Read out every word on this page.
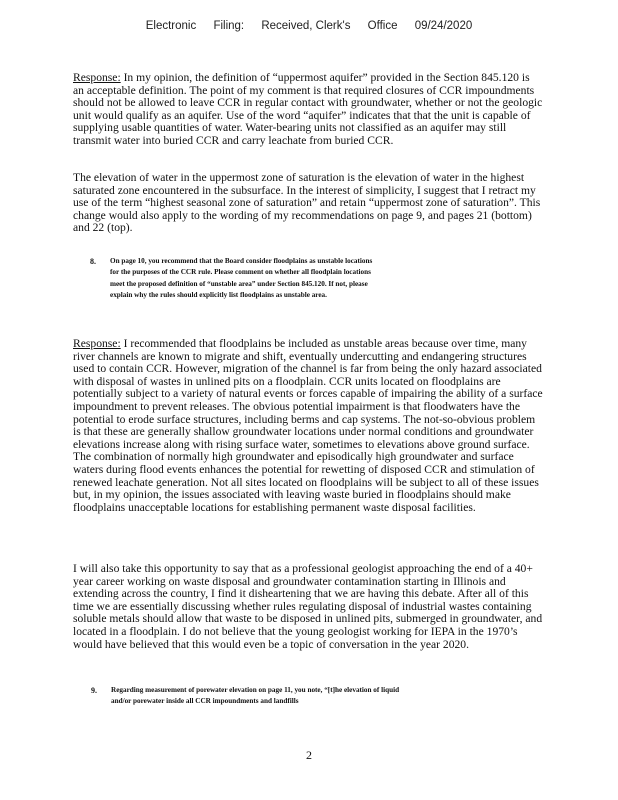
Electronic Filing: Received, Clerk's Office 09/24/2020

Response: In my opinion, the definition of “uppermost aquifer” provided in the Section 845.120 is an acceptable definition. The point of my comment is that required closures of CCR impoundments should not be allowed to leave CCR in regular contact with groundwater, whether or not the geologic unit would qualify as an aquifer. Use of the word “aquifer” indicates that that the unit is capable of supplying usable quantities of water. Water-bearing units not classified as an aquifer may still transmit water into buried CCR and carry leachate from buried CCR.

The elevation of water in the uppermost zone of saturation is the elevation of water in the highest saturated zone encountered in the subsurface. In the interest of simplicity, I suggest that I retract my use of the term “highest seasonal zone of saturation” and retain “uppermost zone of saturation”. This change would also apply to the wording of my recommendations on page 9, and pages 21 (bottom) and 22 (top).

8. On page 10, you recommend that the Board consider floodplains as unstable locations for the purposes of the CCR rule. Please comment on whether all floodplain locations meet the proposed definition of “unstable area” under Section 845.120. If not, please explain why the rules should explicitly list floodplains as unstable area.

Response: I recommended that floodplains be included as unstable areas because over time, many river channels are known to migrate and shift, eventually undercutting and endangering structures used to contain CCR. However, migration of the channel is far from being the only hazard associated with disposal of wastes in unlined pits on a floodplain. CCR units located on floodplains are potentially subject to a variety of natural events or forces capable of impairing the ability of a surface impoundment to prevent releases. The obvious potential impairment is that floodwaters have the potential to erode surface structures, including berms and cap systems. The not-so-obvious problem is that these are generally shallow groundwater locations under normal conditions and groundwater elevations increase along with rising surface water, sometimes to elevations above ground surface. The combination of normally high groundwater and episodically high groundwater and surface waters during flood events enhances the potential for rewetting of disposed CCR and stimulation of renewed leachate generation. Not all sites located on floodplains will be subject to all of these issues but, in my opinion, the issues associated with leaving waste buried in floodplains should make floodplains unacceptable locations for establishing permanent waste disposal facilities.

I will also take this opportunity to say that as a professional geologist approaching the end of a 40+ year career working on waste disposal and groundwater contamination starting in Illinois and extending across the country, I find it disheartening that we are having this debate. After all of this time we are essentially discussing whether rules regulating disposal of industrial wastes containing soluble metals should allow that waste to be disposed in unlined pits, submerged in groundwater, and located in a floodplain. I do not believe that the young geologist working for IEPA in the 1970’s would have believed that this would even be a topic of conversation in the year 2020.

9. Regarding measurement of porewater elevation on page 11, you note, “[t]he elevation of liquid and/or porewater inside all CCR impoundments and landfills
2
